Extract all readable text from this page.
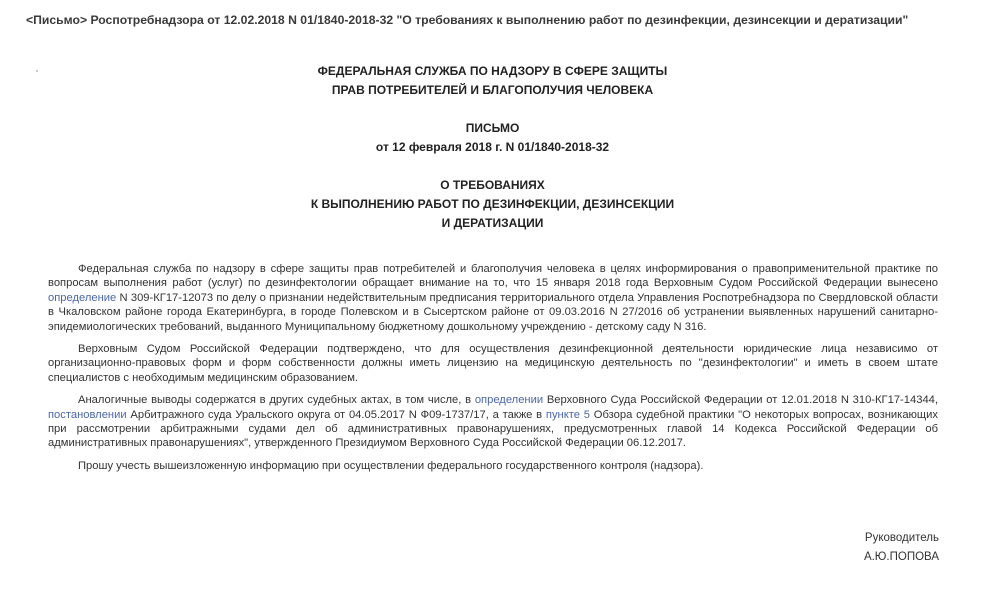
<Письмо> Роспотребнадзора от 12.02.2018 N 01/1840-2018-32 "О требованиях к выполнению работ по дезинфекции, дезинсекции и дератизации"
ФЕДЕРАЛЬНАЯ СЛУЖБА ПО НАДЗОРУ В СФЕРЕ ЗАЩИТЫ
ПРАВ ПОТРЕБИТЕЛЕЙ И БЛАГОПОЛУЧИЯ ЧЕЛОВЕКА
ПИСЬМО
от 12 февраля 2018 г. N 01/1840-2018-32
О ТРЕБОВАНИЯХ
К ВЫПОЛНЕНИЮ РАБОТ ПО ДЕЗИНФЕКЦИИ, ДЕЗИНСЕКЦИИ
И ДЕРАТИЗАЦИИ

Федеральная служба по надзору в сфере защиты прав потребителей и благополучия человека в целях информирования о правоприменительной практике по вопросам выполнения работ (услуг) по дезинфектологии обращает внимание на то, что 15 января 2018 года Верховным Судом Российской Федерации вынесено определение N 309-КГ17-12073 по делу о признании недействительным предписания территориального отдела Управления Роспотребнадзора по Свердловской области в Чкаловском районе города Екатеринбурга, в городе Полевском и в Сысертском районе от 09.03.2016 N 27/2016 об устранении выявленных нарушений санитарно-эпидемиологических требований, выданного Муниципальному бюджетному дошкольному учреждению - детскому саду N 316.

Верховным Судом Российской Федерации подтверждено, что для осуществления дезинфекционной деятельности юридические лица независимо от организационно-правовых форм и форм собственности должны иметь лицензию на медицинскую деятельность по "дезинфектологии" и иметь в своем штате специалистов с необходимым медицинским образованием.

Аналогичные выводы содержатся в других судебных актах, в том числе, в определении Верховного Суда Российской Федерации от 12.01.2018 N 310-КГ17-14344, постановлении Арбитражного суда Уральского округа от 04.05.2017 N Ф09-1737/17, а также в пункте 5 Обзора судебной практики "О некоторых вопросах, возникающих при рассмотрении арбитражными судами дел об административных правонарушениях, предусмотренных главой 14 Кодекса Российской Федерации об административных правонарушениях", утвержденного Президиумом Верховного Суда Российской Федерации 06.12.2017.

Прошу учесть вышеизложенную информацию при осуществлении федерального государственного контроля (надзора).

Руководитель
А.Ю.ПОПОВА
